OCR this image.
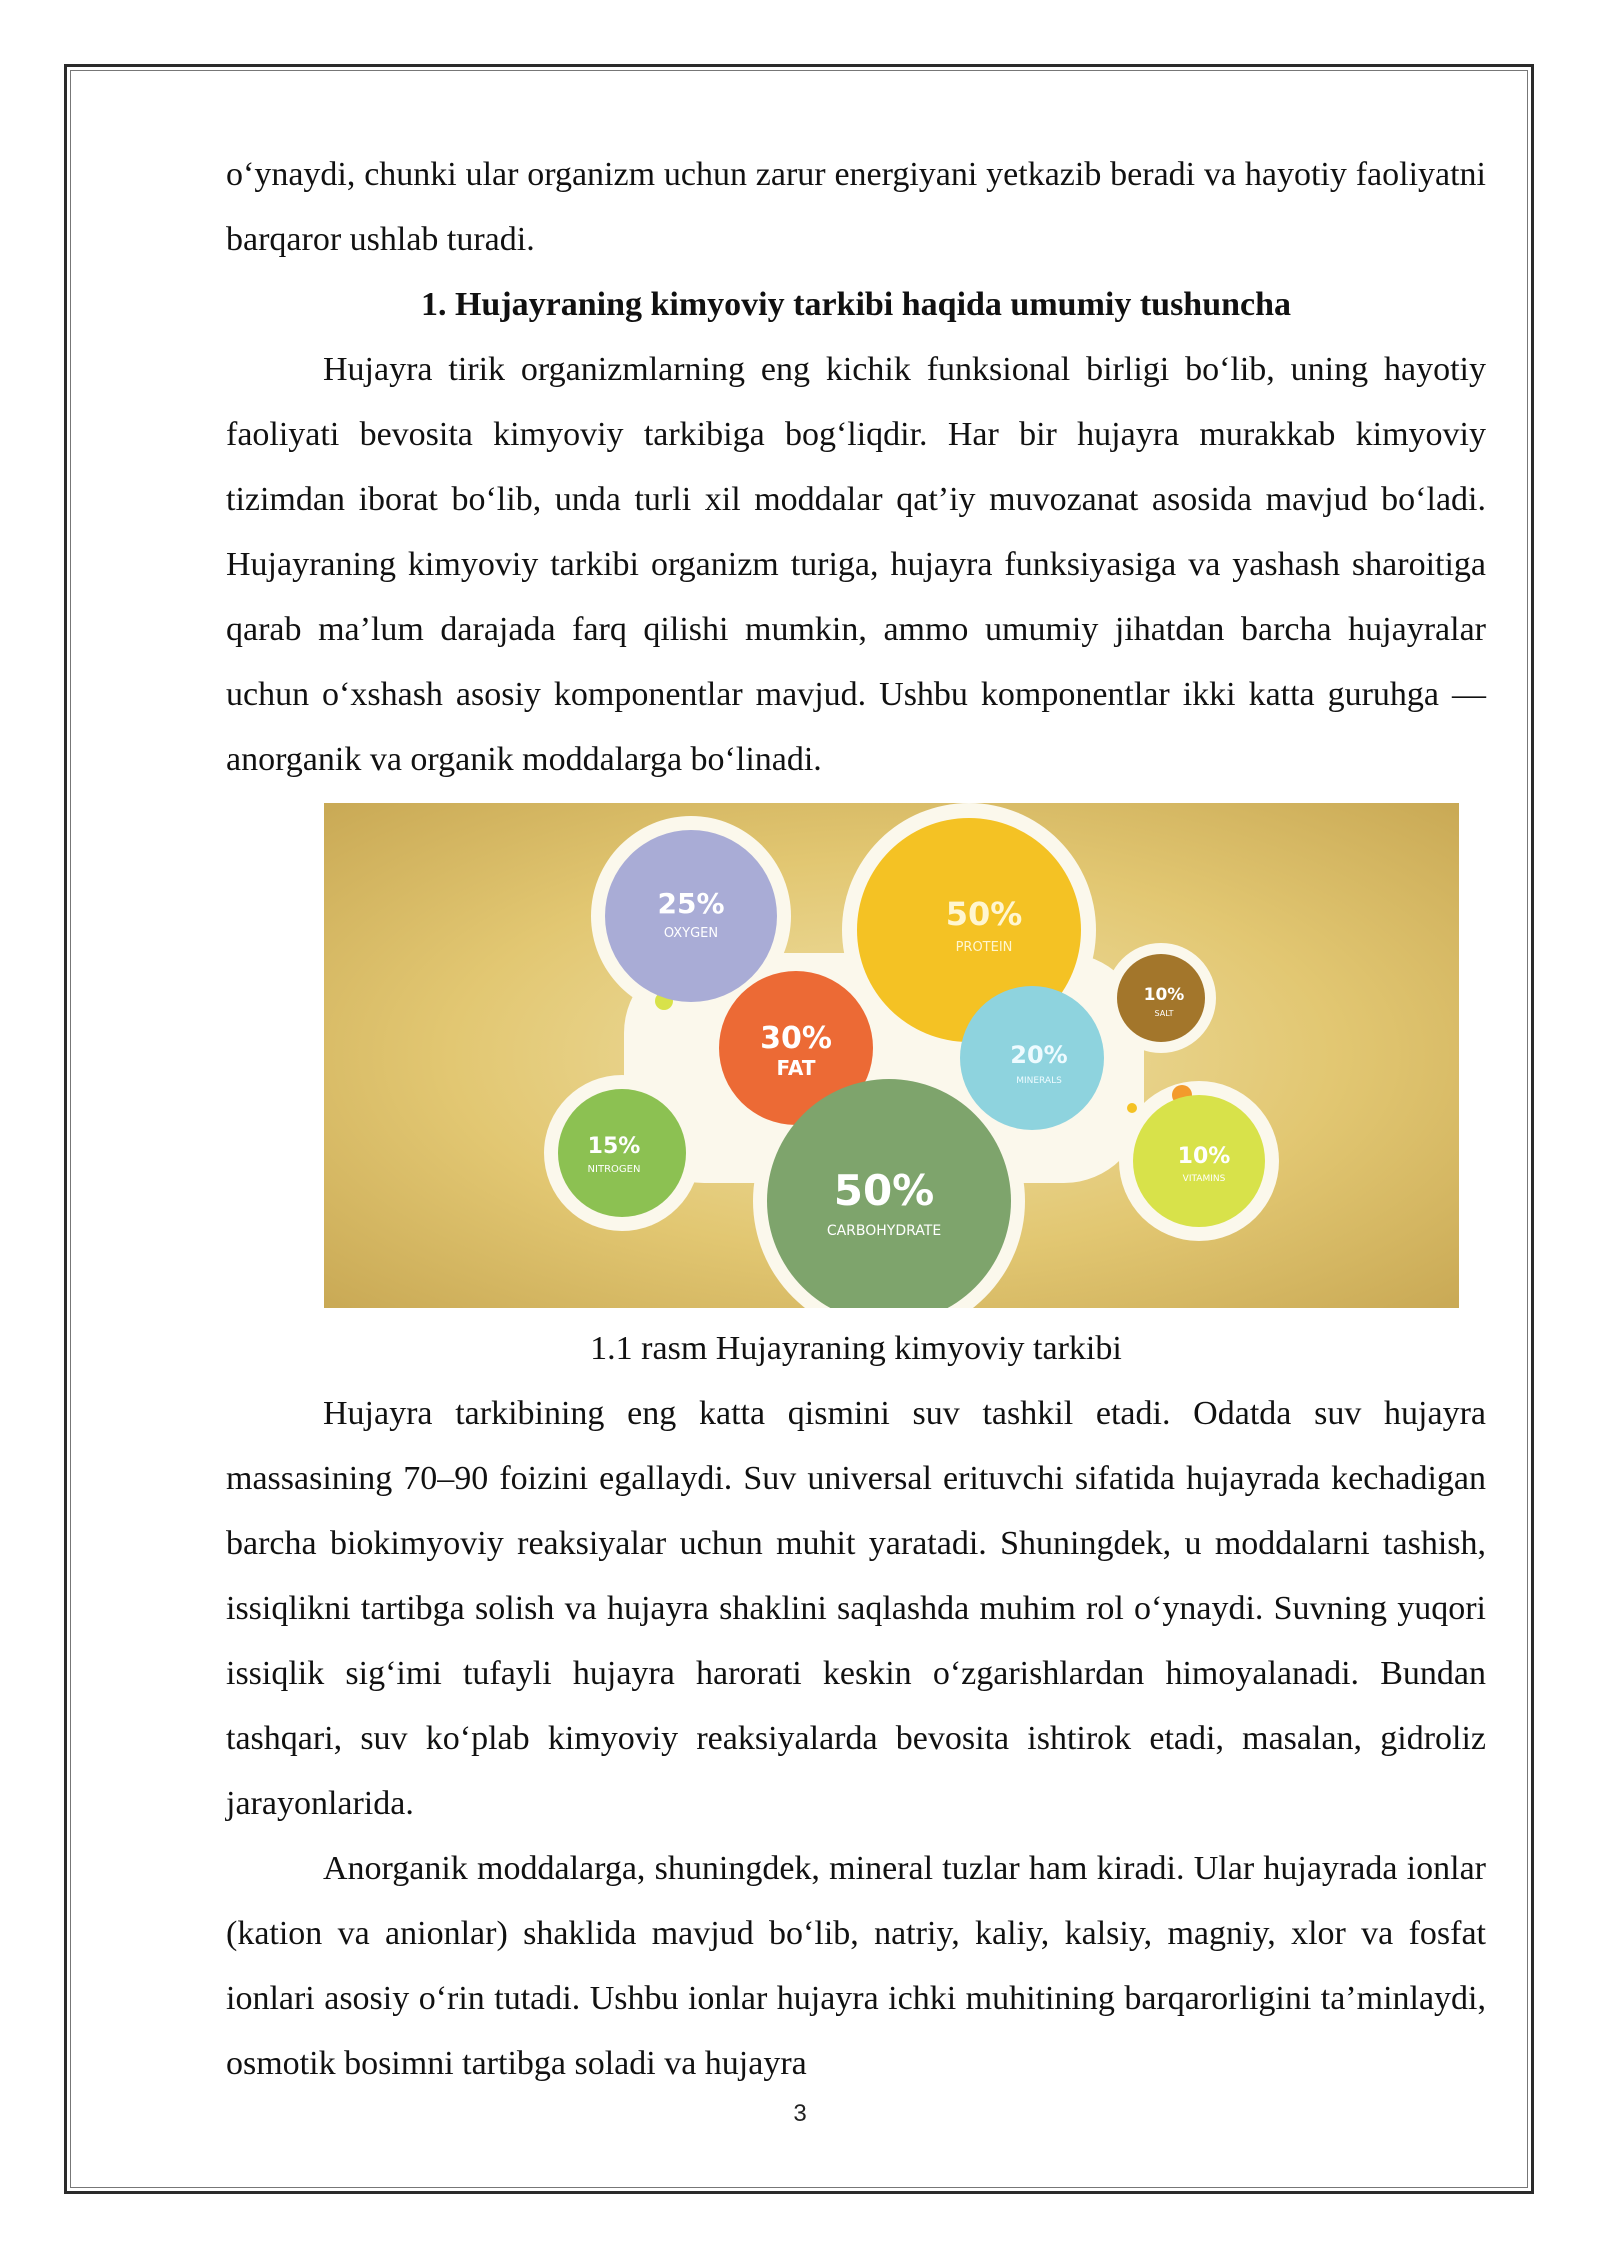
o‘ynaydi, chunki ular organizm uchun zarur energiyani yetkazib beradi va hayotiy faoliyatni barqaror ushlab turadi.

1. Hujayraning kimyoviy tarkibi haqida umumiy tushuncha

Hujayra tirik organizmlarning eng kichik funksional birligi bo‘lib, uning hayotiy faoliyati bevosita kimyoviy tarkibiga bog‘liqdir. Har bir hujayra murakkab kimyoviy tizimdan iborat bo‘lib, unda turli xil moddalar qat’iy muvozanat asosida mavjud bo‘ladi. Hujayraning kimyoviy tarkibi organizm turiga, hujayra funksiyasiga va yashash sharoitiga qarab ma’lum darajada farq qilishi mumkin, ammo umumiy jihatdan barcha hujayralar uchun o‘xshash asosiy komponentlar mavjud. Ushbu komponentlar ikki katta guruhga — anorganik va organik moddalarga bo‘linadi.

25%
OXYGEN
50%
PROTEIN
10%
SALT
30%
FAT	20%
MINERALS
15%
NITROGEN	50%
CARBOHYDRATE
10%
VITAMINS
1.1 rasm Hujayraning kimyoviy tarkibi

Hujayra tarkibining eng katta qismini suv tashkil etadi. Odatda suv hujayra massasining 70–90 foizini egallaydi. Suv universal erituvchi sifatida hujayrada kechadigan barcha biokimyoviy reaksiyalar uchun muhit yaratadi. Shuningdek, u moddalarni tashish, issiqlikni tartibga solish va hujayra shaklini saqlashda muhim rol o‘ynaydi. Suvning yuqori issiqlik sig‘imi tufayli hujayra harorati keskin o‘zgarishlardan himoyalanadi. Bundan tashqari, suv ko‘plab kimyoviy reaksiyalarda bevosita ishtirok etadi, masalan, gidroliz jarayonlarida.

Anorganik moddalarga, shuningdek, mineral tuzlar ham kiradi. Ular hujayrada ionlar (kation va anionlar) shaklida mavjud bo‘lib, natriy, kaliy, kalsiy, magniy, xlor va fosfat ionlari asosiy o‘rin tutadi. Ushbu ionlar hujayra ichki muhitining barqarorligini ta’minlaydi, osmotik bosimni tartibga soladi va hujayra

3
